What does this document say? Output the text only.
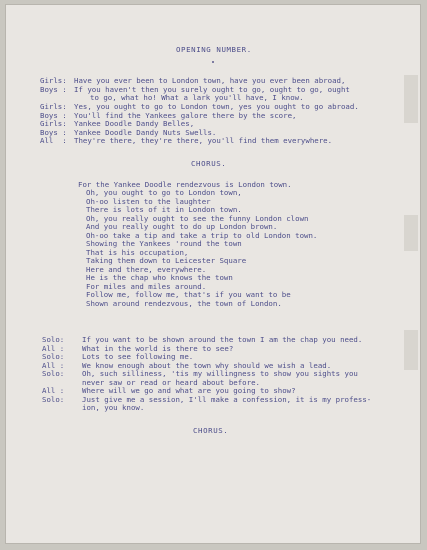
OPENING NUMBER.

Girls: Have you ever been to London town, have you ever been abroad,
Boys : If you haven't then you surely ought to go, ought to go, ought
to go, what ho! What a lark you'll have, I know.
Girls: Yes, you ought to go to London town, yes you ought to go abroad.
Boys : You'll find the Yankees galore there by the score,
Girls: Yankee Doodle Dandy Belles,
Boys : Yankee Doodle Dandy Nuts Swells.
All  : They're there, they're there, you'll find them everywhere.

CHORUS.

For the Yankee Doodle rendezvous is London town.
Oh, you ought to go to London town,
Oh-oo listen to the laughter
There is lots of it in London town.
Oh, you really ought to see the funny London clown
And you really ought to do up London brown.
Oh-oo take a tip and take a trip to old London town.
Showing the Yankees 'round the town
That is his occupation,
Taking them down to Leicester Square
Here and there, everywhere.
He is the chap who knows the town
For miles and miles around.
Follow me, follow me, that's if you want to be
Shown around rendezvous, the town of London.
Solo: If you want to be shown around the town I am the chap you need.
All : What in the world is there to see?
Solo: Lots to see following me.
All : We know enough about the town why should we wish a lead.
Solo: Oh, such silliness, 'tis my willingness to show you sights you
never saw or read or heard about before.
All : Where will we go and what are you going to show?
Solo: Just give me a session, I'll make a confession, it is my profess-
ion, you know.

CHORUS.
